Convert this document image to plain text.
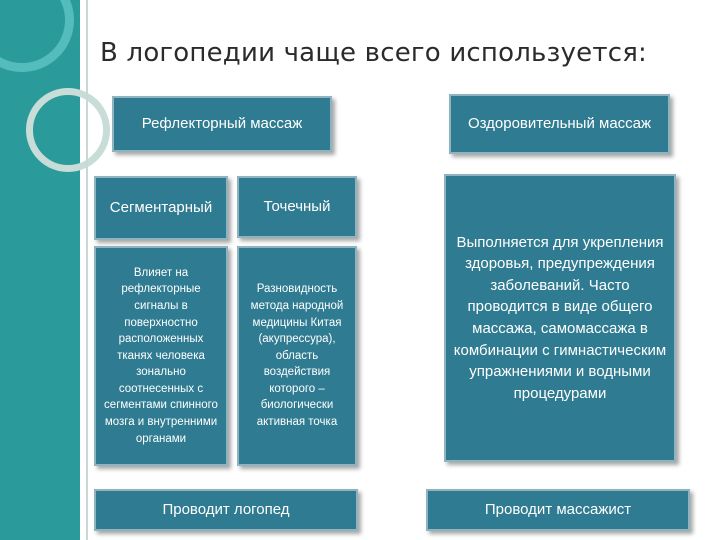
В логопедии чаще всего используется:
Рефлекторный массаж	Оздоровительный массаж
Сегментарный	Точечный
Влияет на рефлекторные сигналы в поверхностно расположенных тканях человека зонально соотнесенных с сегментами спинного мозга и внутренними органами
Разновидность метода народной медицины Китая (акупрессура), область воздействия которого – биологически активная точка
Выполняется для укрепления здоровья, предупреждения заболеваний. Часто проводится в виде общего массажа, самомассажа в комбинации с гимнастическим упражнениями и водными процедурами
Проводит логопед	Проводит массажист
